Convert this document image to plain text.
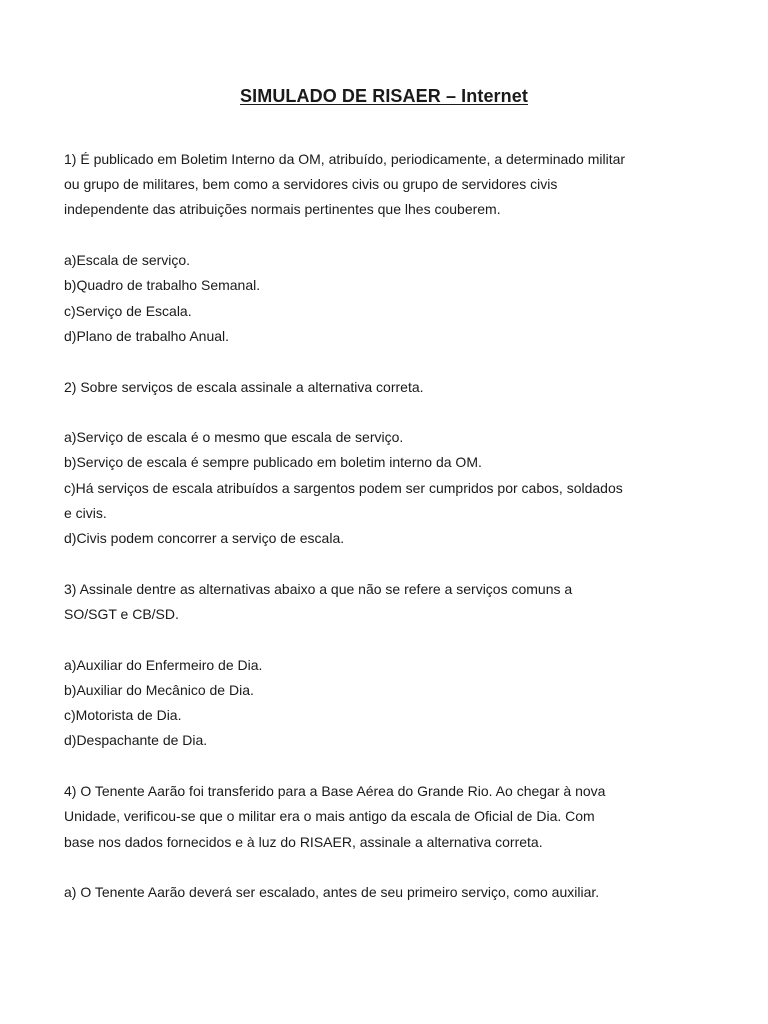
SIMULADO DE RISAER – Internet
1) É publicado em Boletim Interno da OM, atribuído, periodicamente, a determinado militar
ou grupo de militares, bem como a servidores civis ou grupo de servidores civis
independente das atribuições normais pertinentes que lhes couberem.
a)Escala de serviço.
b)Quadro de trabalho Semanal.
c)Serviço de Escala.
d)Plano de trabalho Anual.
2) Sobre serviços de escala assinale a alternativa correta.
a)Serviço de escala é o mesmo que escala de serviço.
b)Serviço de escala é sempre publicado em boletim interno da OM.
c)Há serviços de escala atribuídos a sargentos podem ser cumpridos por cabos, soldados
e civis.
d)Civis podem concorrer a serviço de escala.
3) Assinale dentre as alternativas abaixo a que não se refere a serviços comuns a
SO/SGT e CB/SD.
a)Auxiliar do Enfermeiro de Dia.
b)Auxiliar do Mecânico de Dia.
c)Motorista de Dia.
d)Despachante de Dia.
4) O Tenente Aarão foi transferido para a Base Aérea do Grande Rio. Ao chegar à nova
Unidade, verificou-se que o militar era o mais antigo da escala de Oficial de Dia. Com
base nos dados fornecidos e à luz do RISAER, assinale a alternativa correta.
a) O Tenente Aarão deverá ser escalado, antes de seu primeiro serviço, como auxiliar.
